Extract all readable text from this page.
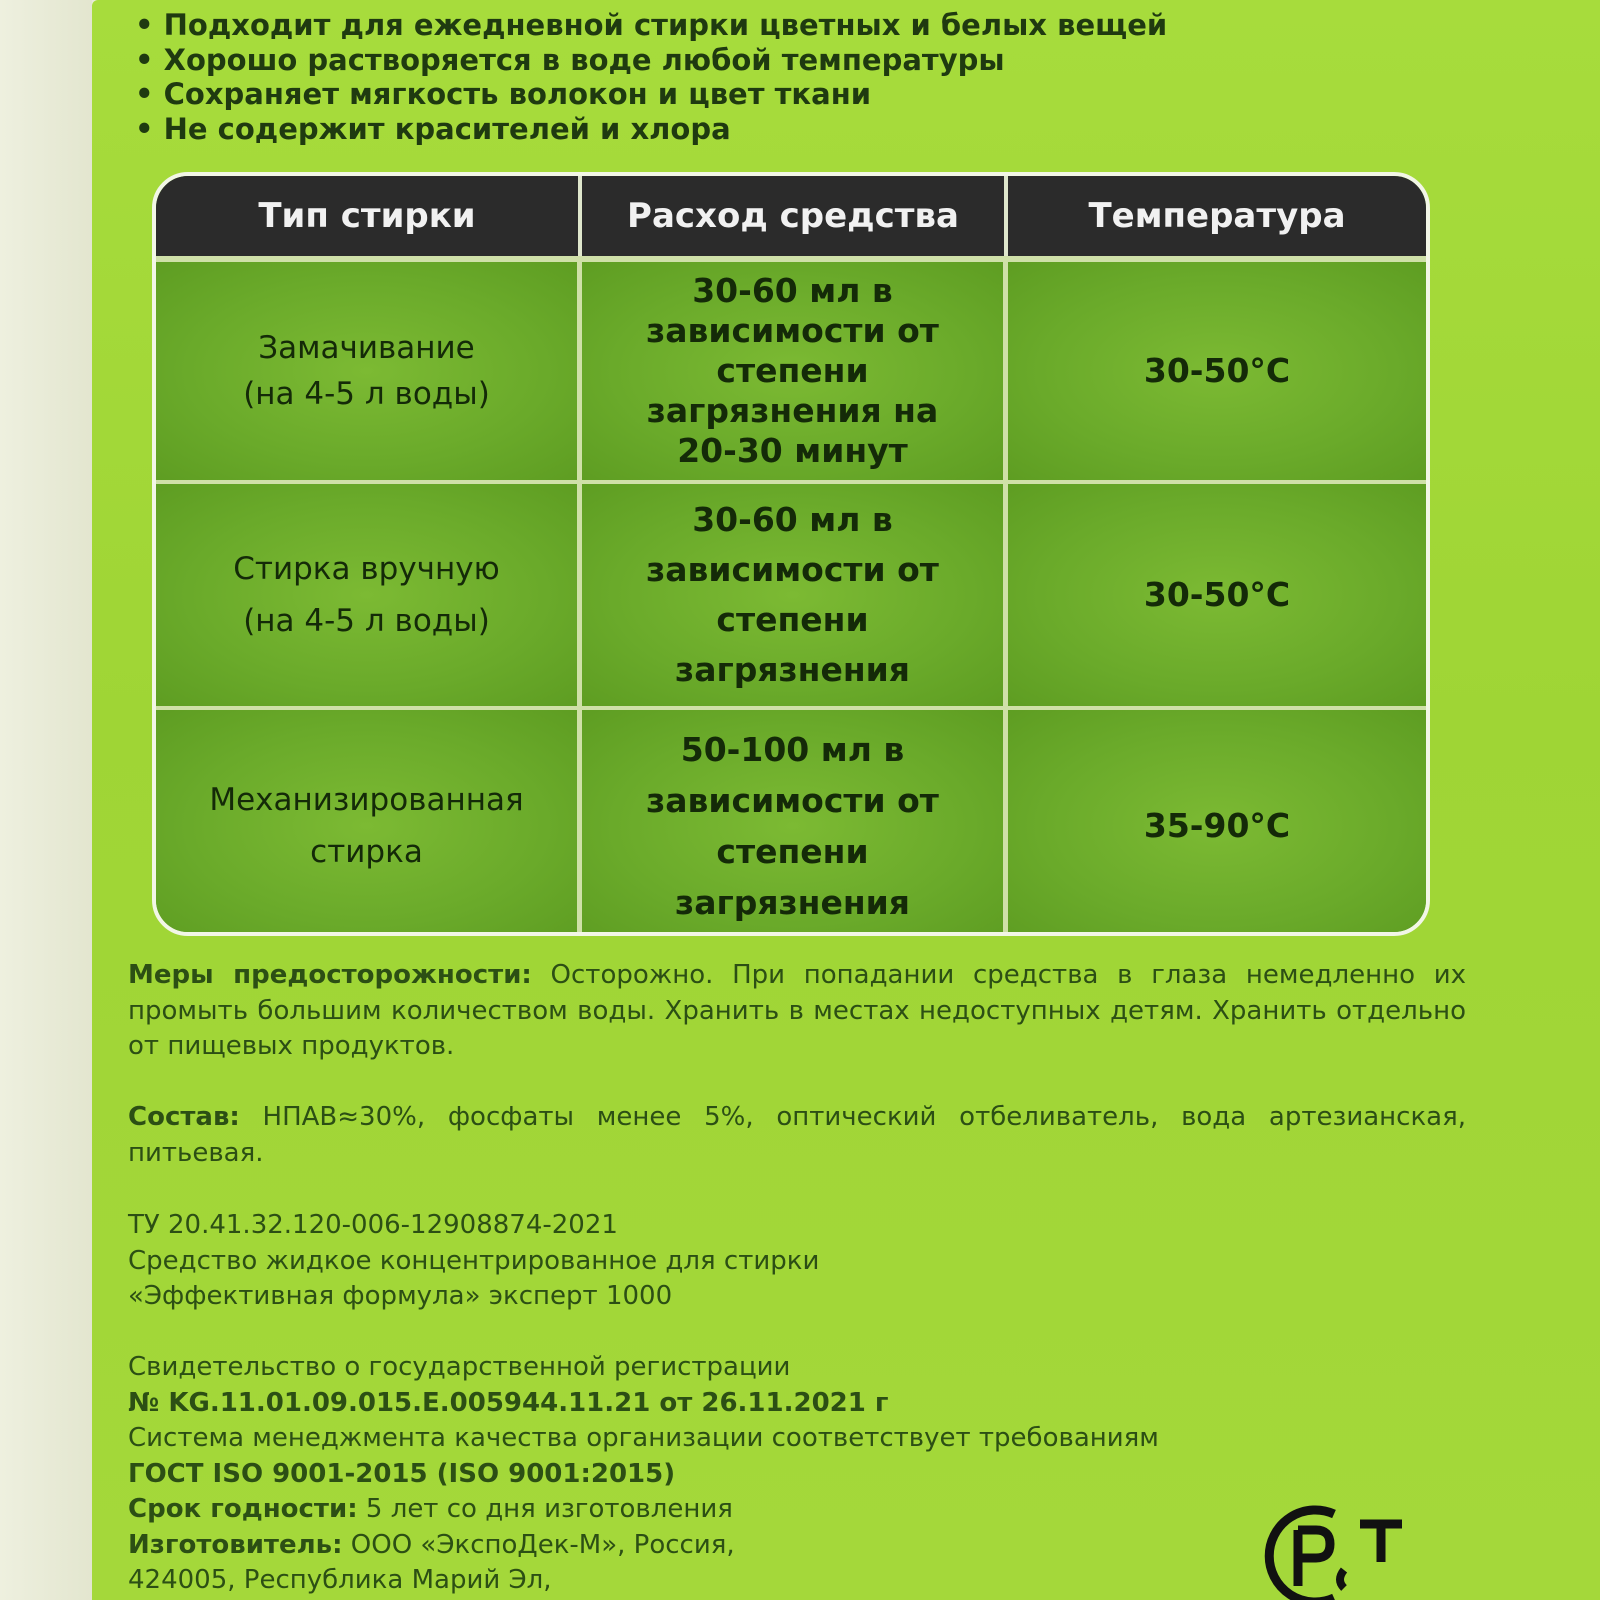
• Подходит для ежедневной стирки цветных и белых вещей
• Хорошо растворяется в воде любой температуры
• Сохраняет мягкость волокон и цвет ткани
• Не содержит красителей и хлора
Тип стирки	Расход средства	Температура
Замачивание
(на 4-5 л воды)
30-60 мл в
зависимости от
степени
загрязнения на
20-30 минут
30-50°С
Стирка вручную
(на 4-5 л воды)
30-60 мл в
зависимости от
степени
загрязнения
30-50°С
Механизированная
стирка
50-100 мл в
зависимости от
степени
загрязнения
35-90°С
Меры предосторожности: Осторожно. При попадании средства в глаза немедленно их промыть большим количеством воды. Хранить в местах недоступных детям. Хранить отдельно от пищевых продуктов.
Состав: НПАВ≈30%, фосфаты менее 5%, оптический отбеливатель, вода артезианская, питьевая.
ТУ 20.41.32.120-006-12908874-2021
Средство жидкое концентрированное для стирки
«Эффективная формула» эксперт 1000
Свидетельство о государственной регистрации
№ KG.11.01.09.015.Е.005944.11.21 от 26.11.2021 г
Система менеджмента качества организации соответствует требованиям
ГОСТ ISO 9001-2015 (ISO 9001:2015)
Срок годности: 5 лет со дня изготовления
Изготовитель: ООО «ЭкспоДек-М», Россия,
424005, Республика Марий Эл,
